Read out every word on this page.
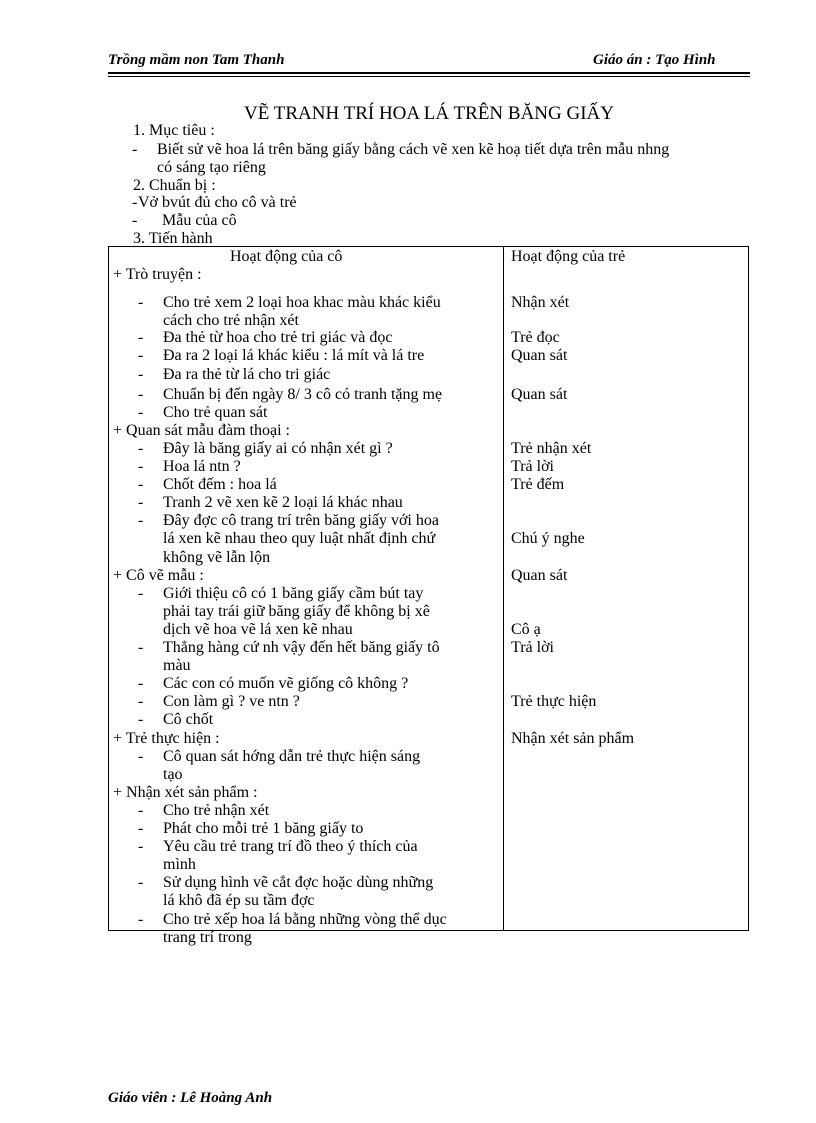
Trồng mầm non Tam Thanh	Giáo án : Tạo Hình
VẼ TRANH TRÍ HOA LÁ TRÊN BĂNG GIẤY
1. Mục tiêu :
- Biết sử vẽ hoa lá trên băng giấy bằng cách vẽ xen kẽ hoạ tiết dựa trên mẫu nhng
có sáng tạo riêng
2. Chuẩn bị :
- Vở bvút đủ cho cô và trẻ
- Mẫu của cô
3. Tiến hành
Hoạt động của cô	Hoạt động của trẻ
+ Trò truyện :
- Cho trẻ xem 2 loại hoa khac màu khác kiểu
cách cho trẻ nhận xét
- Đa thẻ từ hoa cho trẻ tri giác và đọc
- Đa ra 2 loại lá khác kiểu : lá mít và lá tre
- Đa ra thẻ từ lá cho tri giác
- Chuẩn bị đến ngày 8/ 3 cô có tranh tặng mẹ
- Cho trẻ quan sát
+ Quan sát mẫu đàm thoại :
- Đây là băng giấy ai có nhận xét gì ?
- Hoa lá ntn ?
- Chốt đếm : hoa lá
- Tranh 2 vẽ xen kẽ 2 loại lá khác nhau
- Đây đợc cô trang trí trên băng giấy với hoa
lá xen kẽ nhau theo quy luật nhất định chứ
không vẽ lẫn lộn
+ Cô vẽ mẫu :
- Giới thiệu cô có 1 băng giấy cầm bút tay
phải tay trái giữ băng giấy để không bị xê
dịch vẽ hoa vẽ lá xen kẽ nhau
- Thẳng hàng cứ nh vậy đến hết băng giấy tô
màu
- Các con có muốn vẽ giống cô không ?
- Con làm gì ? ve ntn ?
- Cô chốt
+ Trẻ thực hiện :
- Cô quan sát hớng dẫn trẻ thực hiện sáng
tạo
+ Nhận xét sản phẩm :
- Cho trẻ nhận xét
- Phát cho mỗi trẻ 1 băng giấy to
- Yêu cầu trẻ trang trí đồ theo ý thích của
mình
- Sử dụng hình vẽ cắt đợc hoặc dùng những
lá khô đã ép su tầm đợc
- Cho trẻ xếp hoa lá bằng những vòng thể dục
trang trí trong
Nhận xét
Trẻ đọc
Quan sát
Quan sát
Trẻ nhận xét
Trả lời
Trẻ đếm
Chú ý nghe
Quan sát
Cô ạ
Trả lời
Trẻ thực hiện
Nhận xét sản phẩm
Giáo viên : Lê Hoàng Anh
